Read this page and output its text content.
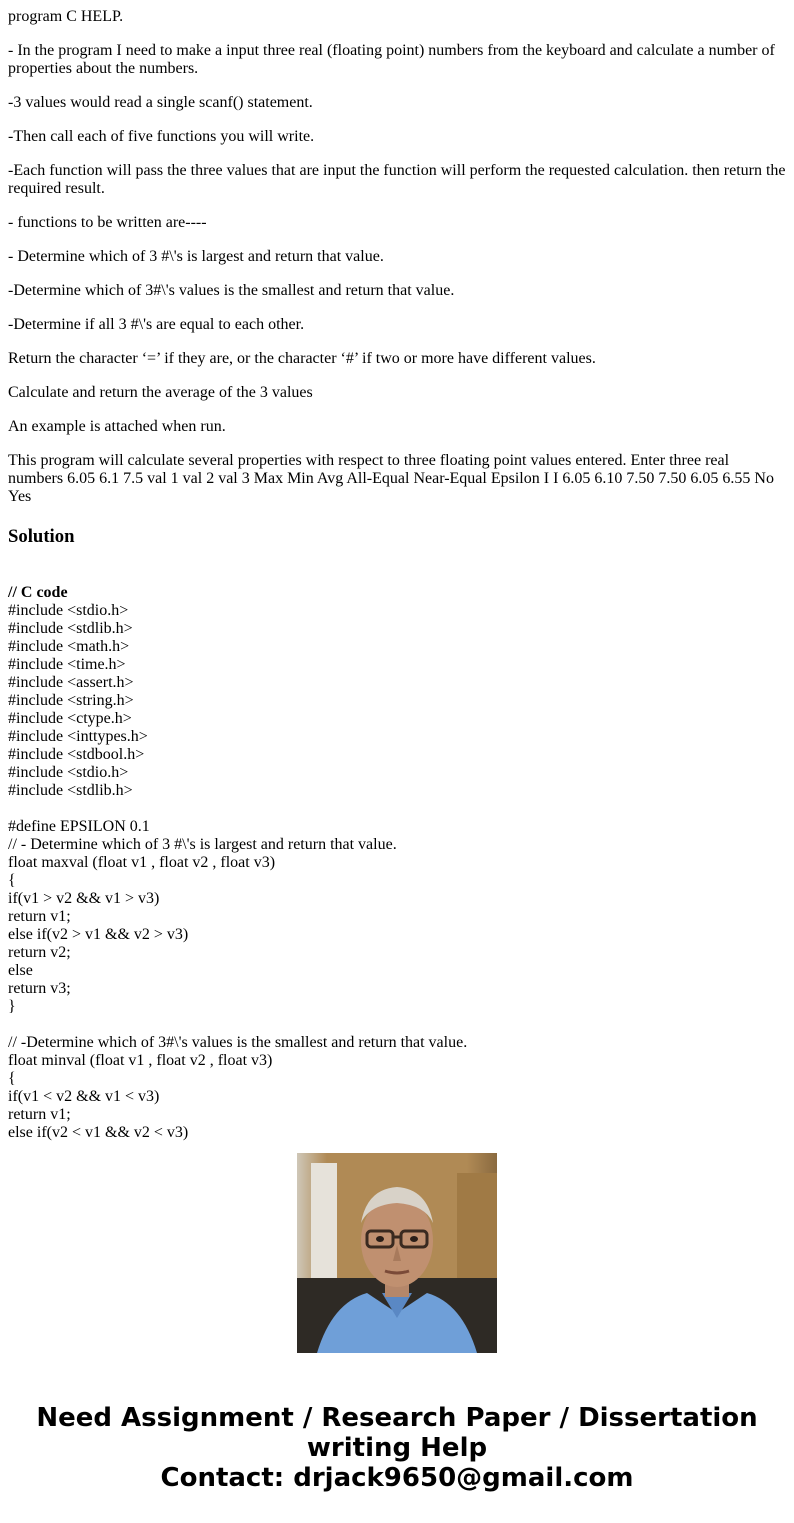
program C HELP.

- In the program I need to make a input three real (floating point) numbers from the keyboard and calculate a number of properties about the numbers.

-3 values would read a single scanf() statement.

-Then call each of five functions you will write.

-Each function will pass the three values that are input the function will perform the requested calculation. then return the required result.

- functions to be written are----

- Determine which of 3 #\'s is largest and return that value.

-Determine which of 3#\'s values is the smallest and return that value.

-Determine if all 3 #\'s are equal to each other.

Return the character ‘=’ if they are, or the character ‘#’ if two or more have different values.

Calculate and return the average of the 3 values

An example is attached when run.

This program will calculate several properties with respect to three floating point values entered. Enter three real numbers 6.05 6.1 7.5 val 1 val 2 val 3 Max Min Avg All-Equal Near-Equal Epsilon I I 6.05 6.10 7.50 7.50 6.05 6.55 No Yes

Solution
// C code
#include <stdio.h>
#include <stdlib.h>
#include <math.h>
#include <time.h>
#include <assert.h>
#include <string.h>
#include <ctype.h>
#include <inttypes.h>
#include <stdbool.h>
#include <stdio.h>
#include <stdlib.h>
#define EPSILON 0.1
// - Determine which of 3 #\'s is largest and return that value.
float maxval (float v1 , float v2 , float v3)
{
if(v1 > v2 && v1 > v3)
return v1;
else if(v2 > v1 && v2 > v3)
return v2;
else
return v3;
}
// -Determine which of 3#\'s values is the smallest and return that value.
float minval (float v1 , float v2 , float v3)
{
if(v1 < v2 && v1 < v3)
return v1;
else if(v2 < v1 && v2 < v3)
Need Assignment / Research Paper / Dissertation
writing Help
Contact: drjack9650@gmail.com
